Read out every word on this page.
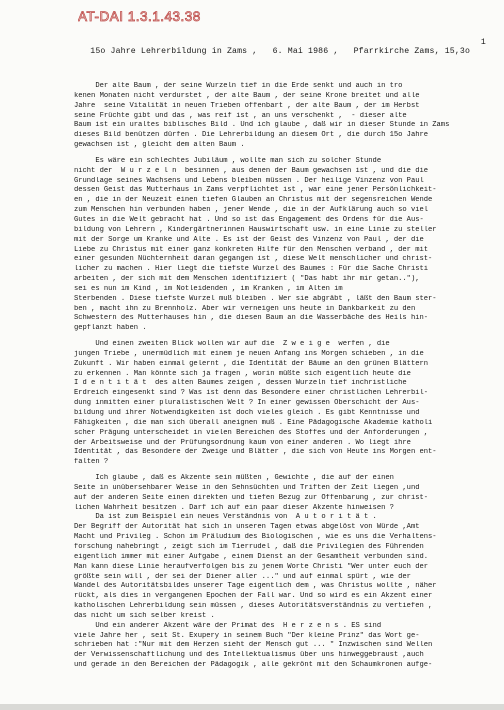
AT-DAI 1.3.1.43.38

15o Jahre Lehrerbildung in Zams ,   6. Mai 1986 ,   Pfarrkirche Zams, 15,3o

1

Der alte Baum , der seine Wurzeln tief in die Erde senkt und auch in tro
kenen Monaten nicht verdurstet , der alte Baum , der seine Krone breitet und alle
Jahre  seine Vitalität in neuen Trieben offenbart , der alte Baum , der im Herbst
seine Früchte gibt und das , was reif ist , an uns verschenkt ,  - dieser alte
Baum ist ein uraltes biblisches Bild . Und ich glaube , daß wir in dieser Stunde in Zams
dieses Bild benützen dürfen . Die Lehrerbildung an diesem Ort , die durch 15o Jahre
gewachsen ist , gleicht dem alten Baum .
Es wäre ein schlechtes Jubiläum , wollte man sich zu solcher Stunde
nicht der  W u r z e l n  besinnen , aus denen der Baum gewachsen ist , und die die
Grundlage seines Wachsens und Lebens bleiben müssen . Der heilige Vinzenz von Paul
dessen Geist das Mutterhaus in Zams verpflichtet ist , war eine jener Persönlichkeit-
en , die in der Neuzeit einen tiefen Glauben an Christus mit der segensreichen Wende
zum Menschen hin verbunden haben , jener Wende , die in der Aufklärung auch so viel
Gutes in die Welt gebracht hat . Und so ist das Engagement des Ordens für die Aus-
bildung von Lehrern , Kindergärtnerinnen Hauswirtschaft usw. in eine Linie zu steller
mit der Sorge um Kranke und Alte . Es ist der Geist des Vinzenz von Paul , der die
Liebe zu Christus mit einer ganz konkreten Hilfe für den Menschen verband , der mit
einer gesunden Nüchternheit daran gegangen ist , diese Welt menschlicher und christ-
licher zu machen . Hier liegt die tiefste Wurzel des Baumes : Für die Sache Christi
arbeiten , der sich mit dem Menschen identifiziert ( "Das habt ihr mir getan.."),
sei es nun im Kind , im Notleidenden , im Kranken , im Alten im
Sterbenden . Diese tiefste Wurzel muß bleiben . Wer sie abgräbt , läßt den Baum ster-
ben , macht ihn zu Brennholz. Aber wir verneigen uns heute in Dankbarkeit zu den
Schwestern des Mutterhauses hin , die diesen Baum an die Wasserbäche des Heils hin-
gepflanzt haben .
Und einen zweiten Blick wollen wir auf die  Z w e i g e  werfen , die
jungen Triebe , unermüdlich mit einem je neuen Anfang ins Morgen schieben , in die
Zukunft . Wir haben einmal gelernt , die Identität der Bäume an den grünen Blättern
zu erkennen . Man könnte sich ja fragen , worin müßte sich eigentlich heute die
I d e n t i t ä t  des alten Baumes zeigen , dessen Wurzeln tief inchristliche
Erdreich eingesenkt sind ? Was ist denn das Besondere einer christlichen Lehrerbil-
dung inmitten einer pluralistischen Welt ? In einer gewissen Oberschicht der Aus-
bildung und ihrer Notwendigkeiten ist doch vieles gleich . Es gibt Kenntnisse und
Fähigkeiten , die man sich überall aneignen muß . Eine Pädagogische Akademie katholi
scher Prägung unterscheidet in vielen Bereichen des Stoffes und der Anforderungen ,
der Arbeitsweise und der Prüfungsordnung kaum von einer anderen . Wo liegt ihre
Identität , das Besondere der Zweige und Blätter , die sich von Heute ins Morgen ent-
falten ?
Ich glaube , daß es Akzente sein müßten , Gewichte , die auf der einen
Seite in unübersehbarer Weise in den Sehnsüchten und Triften der Zeit liegen ,und
auf der anderen Seite einen direkten und tiefen Bezug zur Offenbarung , zur christ-
lichen Wahrheit besitzen . Darf ich auf ein paar dieser Akzente hinweisen ?
Da ist zum Beispiel ein neues Verständnis von  A u t o r i t ä t .
Der Begriff der Autorität hat sich in unseren Tagen etwas abgelöst von Würde ,Amt
Macht und Privileg . Schon im Präludium des Biologischen , wie es uns die Verhaltens-
forschung nahebringt , zeigt sich im Tierrudel , daß die Privilegien des Führenden
eigentlich immer mit einer Aufgabe , einem Dienst an der Gesamtheit verbunden sind.
Man kann diese Linie heraufverfolgen bis zu jenem Worte Christi "Wer unter euch der
größte sein will , der sei der Diener aller ..." und auf einmal spürt , wie der
Wandel des Autoritätsbildes unserer Tage eigentlich dem , was Christus wollte , näher
rückt, als dies in vergangenen Epochen der Fall war. Und so wird es ein Akzent einer
katholischen Lehrerbildung sein müssen , dieses Autoritätsverständnis zu vertiefen ,
das nicht um sich selber kreist .
Und ein anderer Akzent wäre der Primat des  H e r z e n s . ES sind
viele Jahre her , seit St. Exupery in seinem Buch "Der kleine Prinz" das Wort ge-
schrieben hat :"Nur mit dem Herzen sieht der Mensch gut ... " Inzwischen sind Wellen
der Verwissenschaftlichung und des Intellektualismus über uns hinweggebraust ,auch
und gerade in den Bereichen der Pädagogik , alle gekrönt mit den Schaumkronen aufge-
